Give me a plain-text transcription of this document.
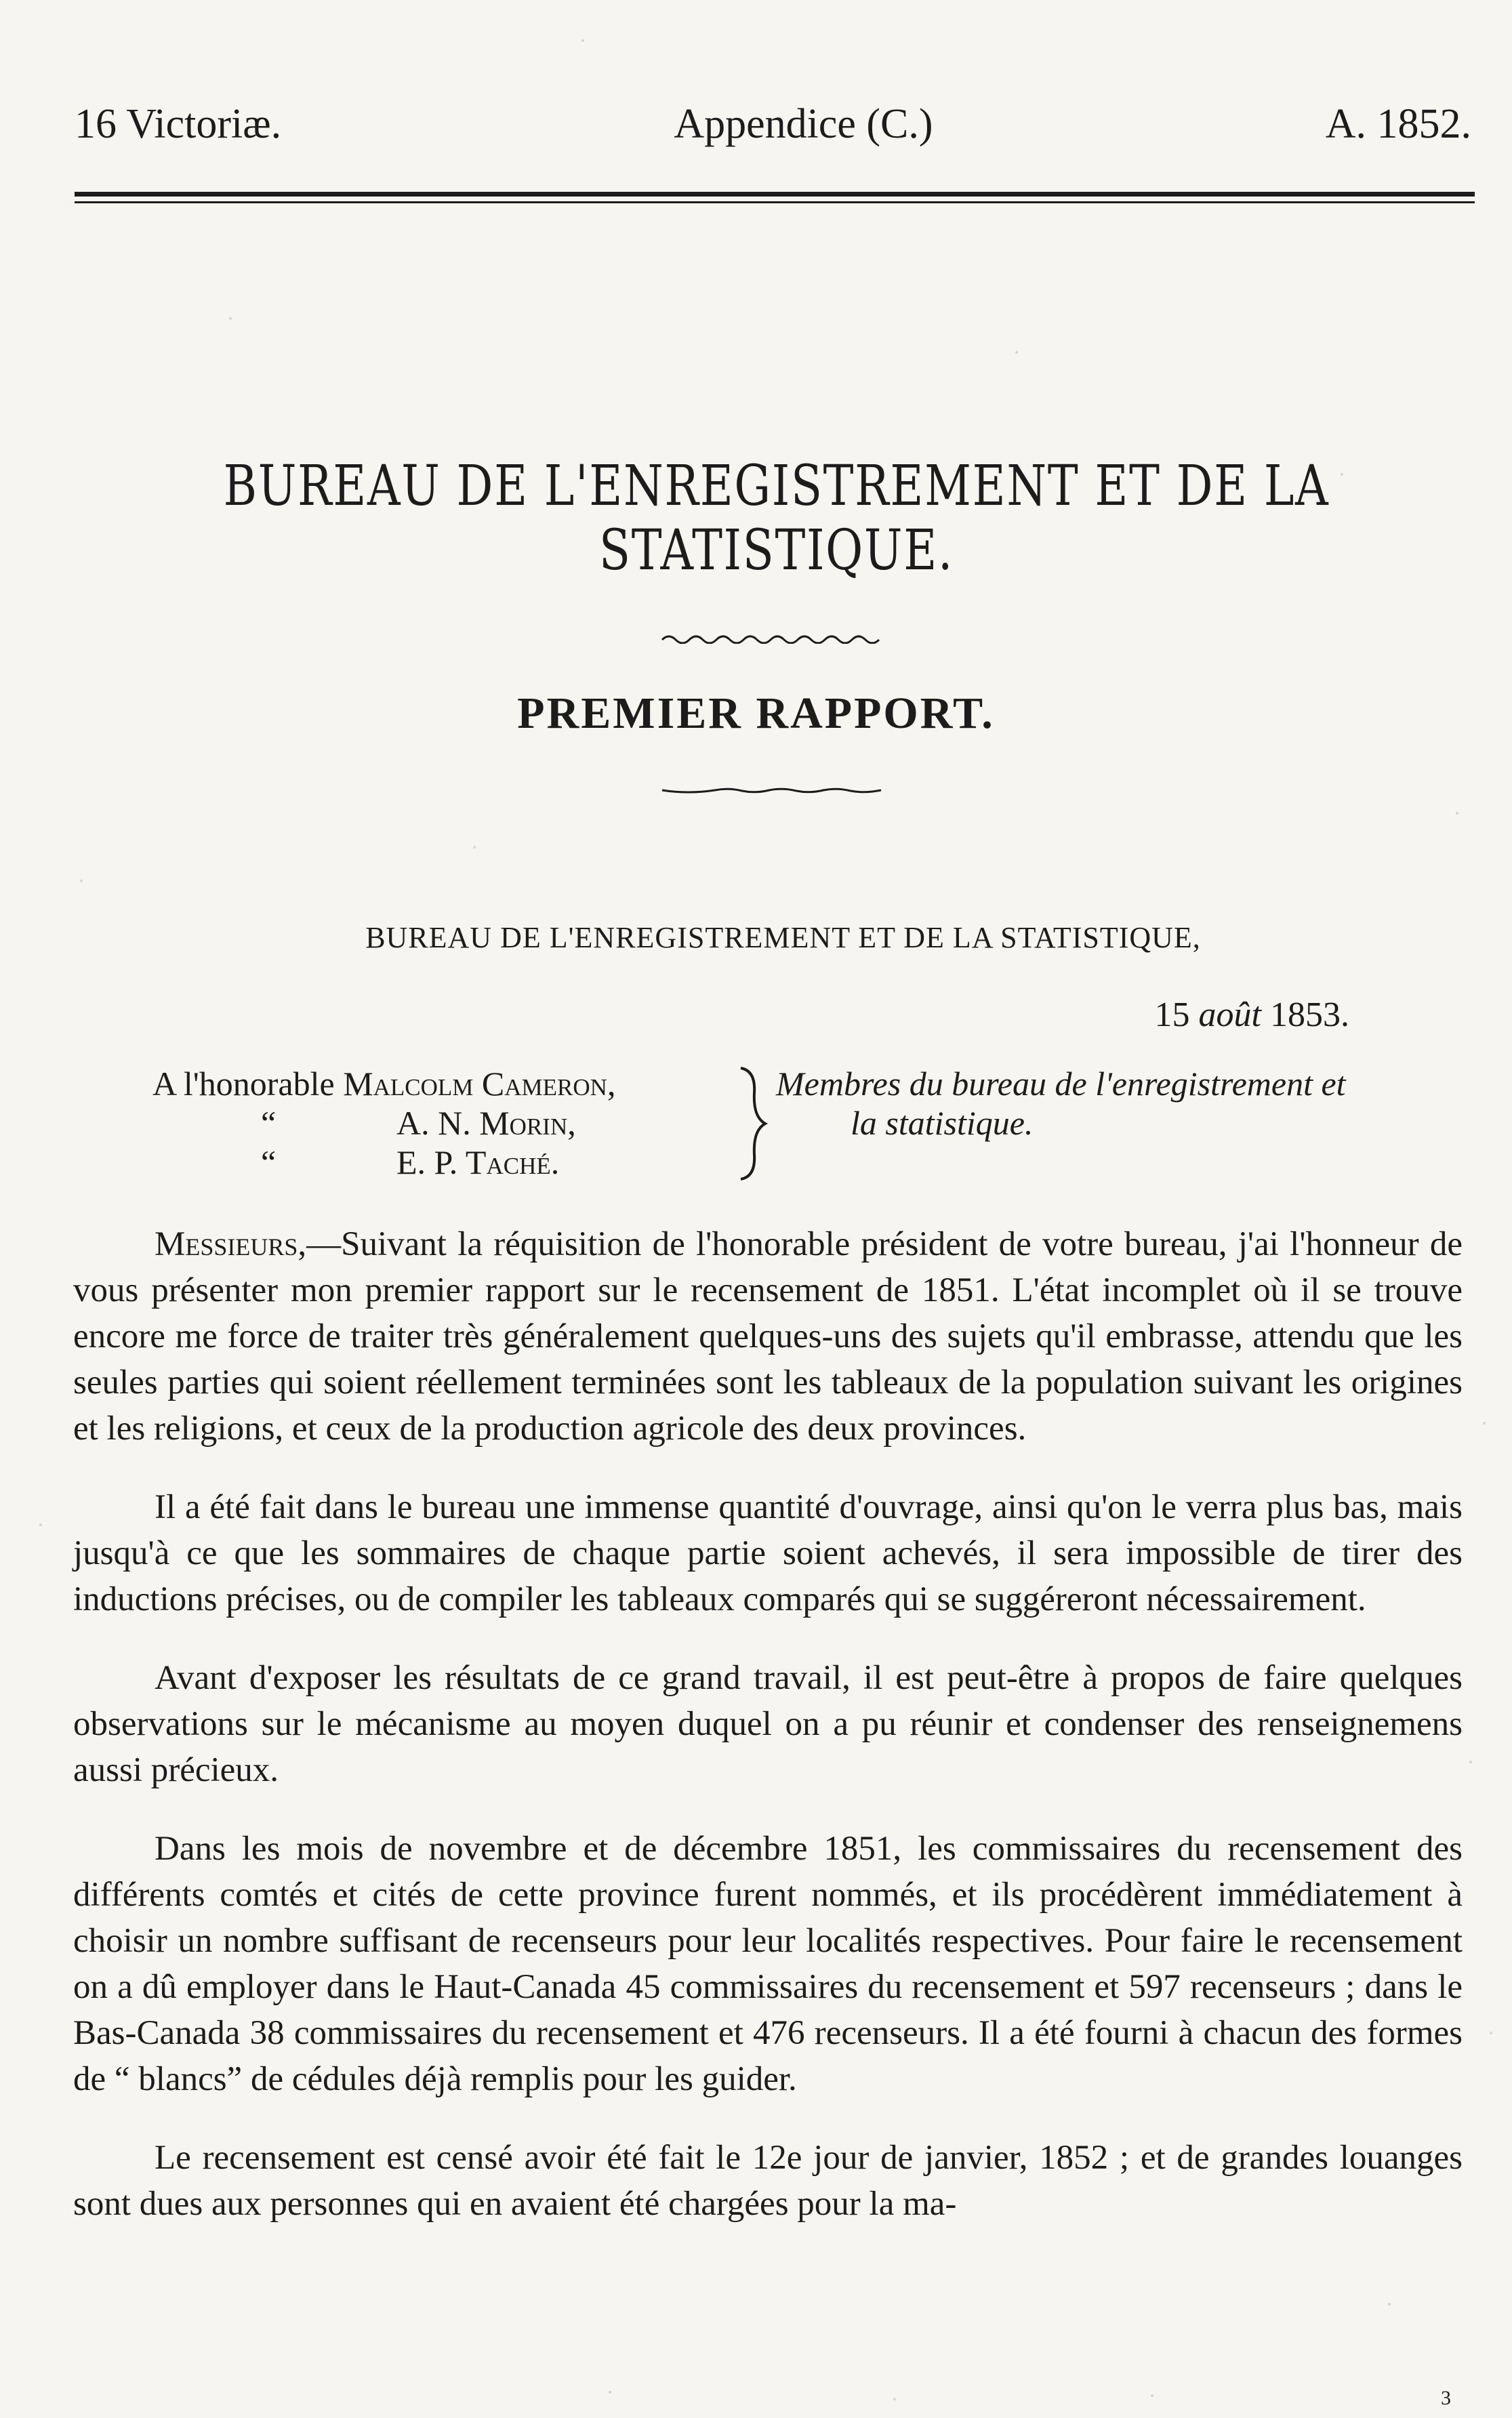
16 Victoriæ.	Appendice (C.)	A. 1852.
BUREAU DE L'ENREGISTREMENT ET DE LA STATISTIQUE.
PREMIER RAPPORT.
BUREAU DE L'ENREGISTREMENT ET DE LA STATISTIQUE,
15 août 1853.
A l'honorable Malcolm Cameron,
“	A. N. Morin,
“	E. P. Taché.
Membres du bureau de l'enregistrement et
la statistique.

Messieurs,—Suivant la réquisition de l'honorable président de votre bureau, j'ai l'honneur de vous présenter mon premier rapport sur le recensement de 1851. L'état incomplet où il se trouve encore me force de traiter très généralement quelques-uns des sujets qu'il embrasse, attendu que les seules parties qui soient réellement terminées sont les tableaux de la population suivant les origines et les religions, et ceux de la production agricole des deux provinces.

Il a été fait dans le bureau une immense quantité d'ouvrage, ainsi qu'on le verra plus bas, mais jusqu'à ce que les sommaires de chaque partie soient achevés, il sera impossible de tirer des inductions précises, ou de compiler les tableaux comparés qui se suggéreront nécessairement.

Avant d'exposer les résultats de ce grand travail, il est peut-être à propos de faire quelques observations sur le mécanisme au moyen duquel on a pu réunir et condenser des renseignemens aussi précieux.

Dans les mois de novembre et de décembre 1851, les commissaires du recensement des différents comtés et cités de cette province furent nommés, et ils procédèrent immédiatement à choisir un nombre suffisant de recenseurs pour leur localités respectives. Pour faire le recensement on a dû employer dans le Haut-Canada 45 commissaires du recensement et 597 recenseurs ; dans le Bas-Canada 38 commissaires du recensement et 476 recenseurs. Il a été fourni à chacun des formes de “ blancs” de cédules déjà remplis pour les guider.

Le recensement est censé avoir été fait le 12e jour de janvier, 1852 ; et de grandes louanges sont dues aux personnes qui en avaient été chargées pour la ma-

3
